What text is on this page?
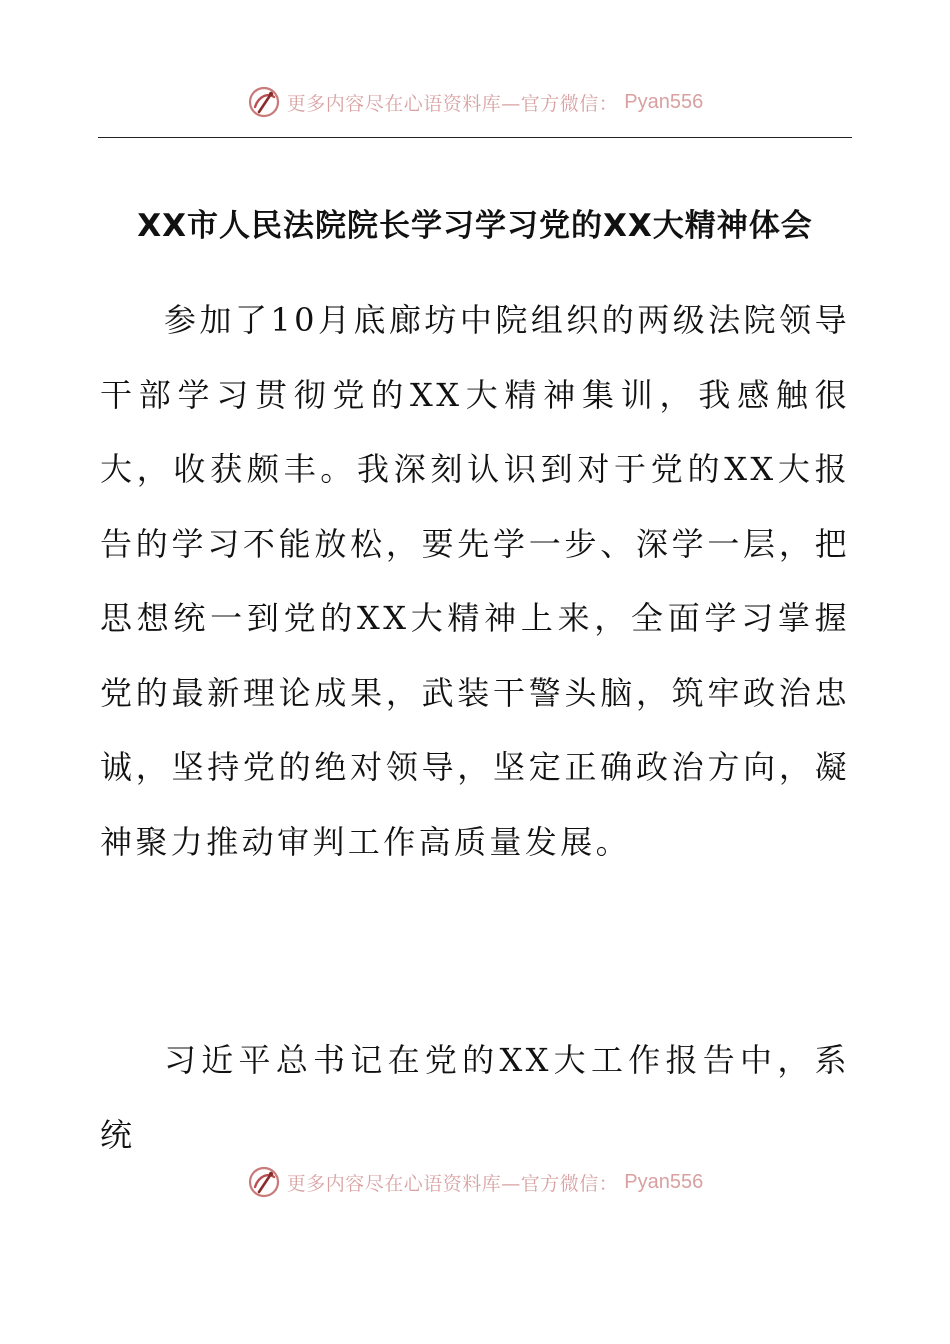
更多内容尽在心语资料库—官方微信： Pyan556
XX市人民法院院长学习学习党的XX大精神体会

参加了10月底廊坊中院组织的两级法院领导干部学习贯彻党的XX大精神集训，我感触很大，收获颇丰。我深刻认识到对于党的XX大报告的学习不能放松，要先学一步、深学一层，把思想统一到党的XX大精神上来，全面学习掌握党的最新理论成果，武装干警头脑，筑牢政治忠诚，坚持党的绝对领导，坚定正确政治方向，凝神聚力推动审判工作高质量发展。

习近平总书记在党的XX大工作报告中，系统

更多内容尽在心语资料库—官方微信： Pyan556
